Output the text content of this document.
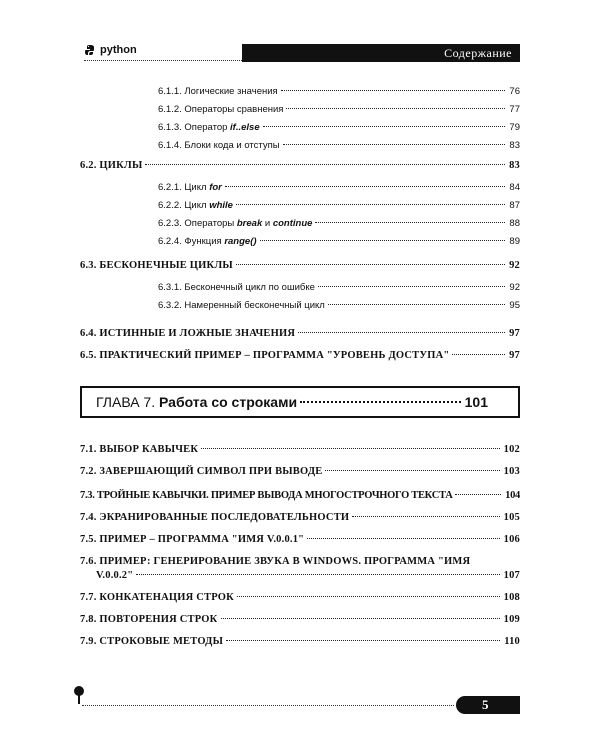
python	Содержание
6.1.1. Логические значения	76
6.1.2. Операторы сравнения	77
6.1.3. Оператор if..else	79
6.1.4. Блоки кода и отступы	83
6.2. ЦИКЛЫ	83
6.2.1. Цикл for	84
6.2.2. Цикл while	87
6.2.3. Операторы break и continue	88
6.2.4. Функция range()	89
6.3. БЕСКОНЕЧНЫЕ ЦИКЛЫ	92
6.3.1. Бесконечный цикл по ошибке	92
6.3.2. Намеренный бесконечный цикл	95
6.4. ИСТИННЫЕ И ЛОЖНЫЕ ЗНАЧЕНИЯ	97
6.5. ПРАКТИЧЕСКИЙ ПРИМЕР – ПРОГРАММА "УРОВЕНЬ ДОСТУПА"	97
ГЛАВА 7. Работа со строками	101
7.1. ВЫБОР КАВЫЧЕК	102
7.2. ЗАВЕРШАЮЩИЙ СИМВОЛ ПРИ ВЫВОДЕ	103
7.3. ТРОЙНЫЕ КАВЫЧКИ. ПРИМЕР ВЫВОДА МНОГОСТРОЧНОГО ТЕКСТА	104
7.4. ЭКРАНИРОВАННЫЕ ПОСЛЕДОВАТЕЛЬНОСТИ	105
7.5. ПРИМЕР – ПРОГРАММА "ИМЯ V.0.0.1"	106
7.6. ПРИМЕР: ГЕНЕРИРОВАНИЕ ЗВУКА В WINDOWS. ПРОГРАММА "ИМЯ
V.0.0.2"	107
7.7. КОНКАТЕНАЦИЯ СТРОК	108
7.8. ПОВТОРЕНИЯ СТРОК	109
7.9. СТРОКОВЫЕ МЕТОДЫ	110
5
